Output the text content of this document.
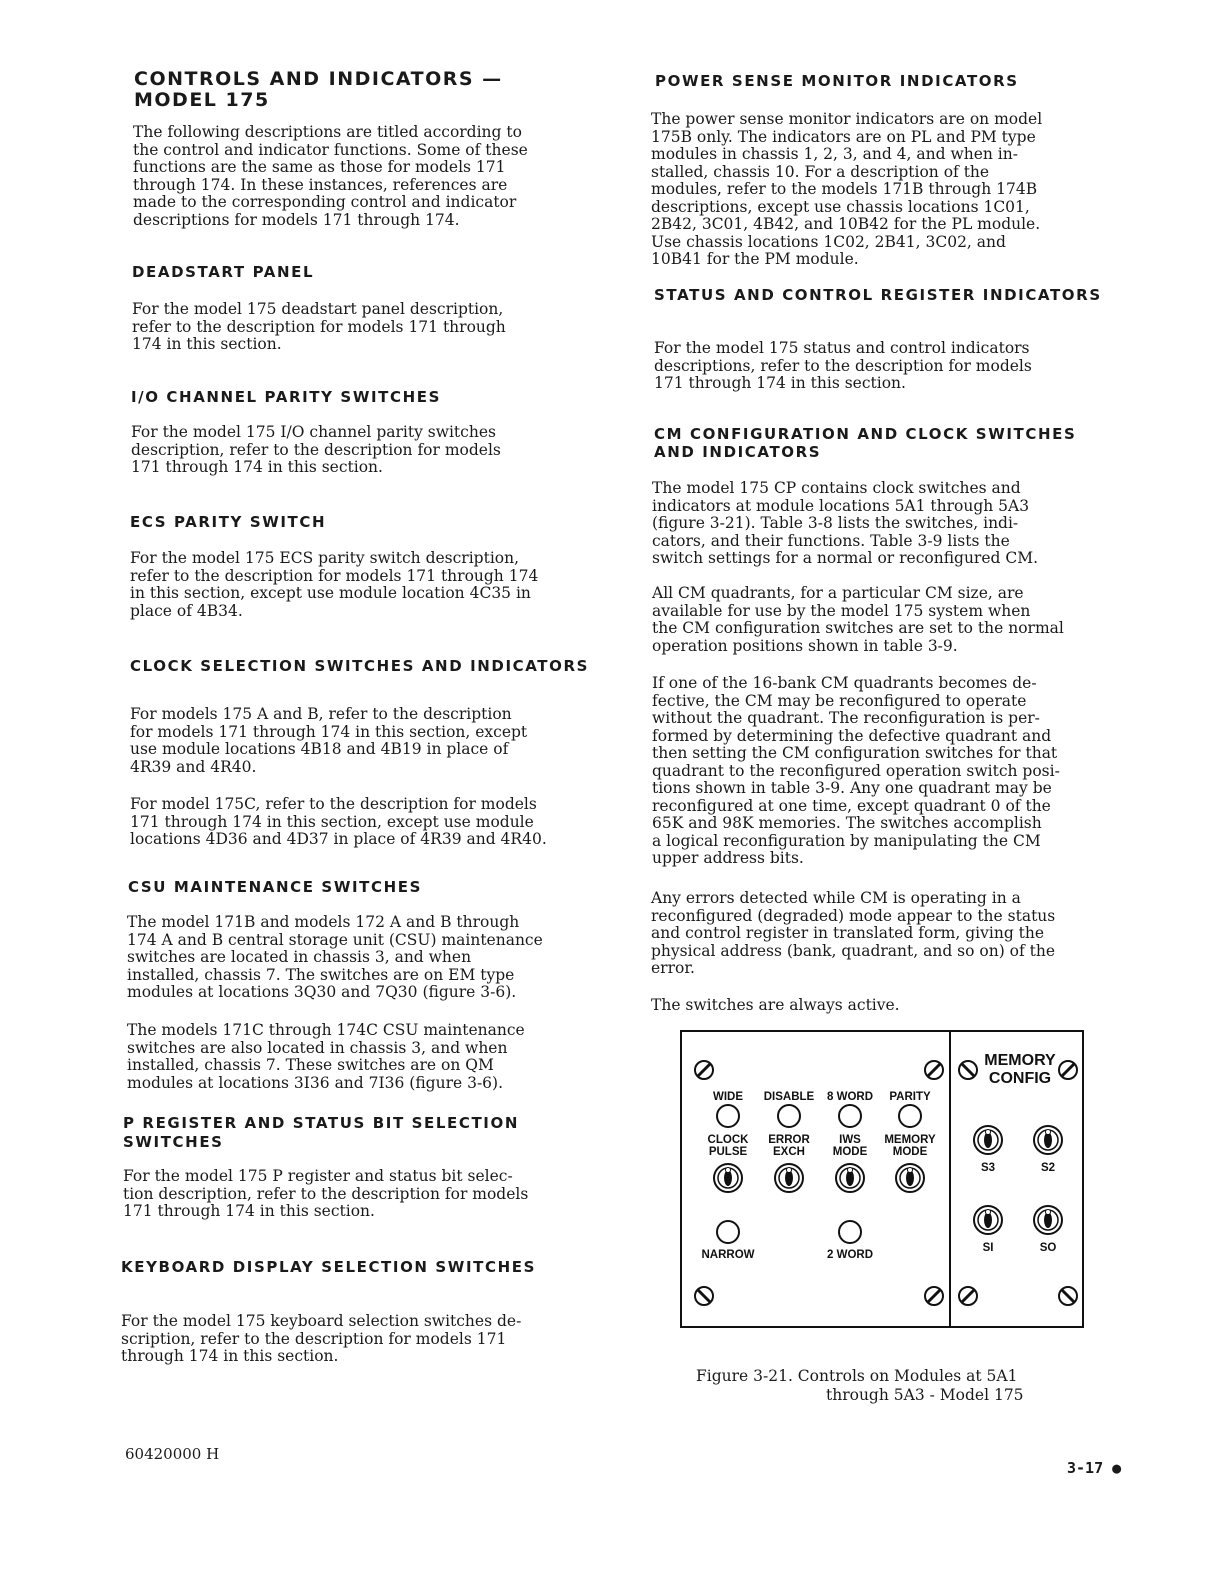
CONTROLS AND INDICATORS —
MODEL 175

The following descriptions are titled according to
the control and indicator functions. Some of these
functions are the same as those for models 171
through 174. In these instances, references are
made to the corresponding control and indicator
descriptions for models 171 through 174.

DEADSTART PANEL

For the model 175 deadstart panel description,
refer to the description for models 171 through
174 in this section.

I/O CHANNEL PARITY SWITCHES

For the model 175 I/O channel parity switches
description, refer to the description for models
171 through 174 in this section.

ECS PARITY SWITCH

For the model 175 ECS parity switch description,
refer to the description for models 171 through 174
in this section, except use module location 4C35 in
place of 4B34.

CLOCK SELECTION SWITCHES AND INDICATORS

For models 175 A and B, refer to the description
for models 171 through 174 in this section, except
use module locations 4B18 and 4B19 in place of
4R39 and 4R40.

For model 175C, refer to the description for models
171 through 174 in this section, except use module
locations 4D36 and 4D37 in place of 4R39 and 4R40.

CSU MAINTENANCE SWITCHES

The model 171B and models 172 A and B through
174 A and B central storage unit (CSU) maintenance
switches are located in chassis 3, and when
installed, chassis 7. The switches are on EM type
modules at locations 3Q30 and 7Q30 (figure 3-6).

The models 171C through 174C CSU maintenance
switches are also located in chassis 3, and when
installed, chassis 7. These switches are on QM
modules at locations 3I36 and 7I36 (figure 3-6).

P REGISTER AND STATUS BIT SELECTION
SWITCHES

For the model 175 P register and status bit selec-
tion description, refer to the description for models
171 through 174 in this section.

KEYBOARD DISPLAY SELECTION SWITCHES

For the model 175 keyboard selection switches de-
scription, refer to the description for models 171
through 174 in this section.

POWER SENSE MONITOR INDICATORS

The power sense monitor indicators are on model
175B only. The indicators are on PL and PM type
modules in chassis 1, 2, 3, and 4, and when in-
stalled, chassis 10. For a description of the
modules, refer to the models 171B through 174B
descriptions, except use chassis locations 1C01,
2B42, 3C01, 4B42, and 10B42 for the PL module.
Use chassis locations 1C02, 2B41, 3C02, and
10B41 for the PM module.

STATUS AND CONTROL REGISTER INDICATORS

For the model 175 status and control indicators
descriptions, refer to the description for models
171 through 174 in this section.

CM CONFIGURATION AND CLOCK SWITCHES
AND INDICATORS

The model 175 CP contains clock switches and
indicators at module locations 5A1 through 5A3
(figure 3-21). Table 3-8 lists the switches, indi-
cators, and their functions. Table 3-9 lists the
switch settings for a normal or reconfigured CM.

All CM quadrants, for a particular CM size, are
available for use by the model 175 system when
the CM configuration switches are set to the normal
operation positions shown in table 3-9.

If one of the 16-bank CM quadrants becomes de-
fective, the CM may be reconfigured to operate
without the quadrant. The reconfiguration is per-
formed by determining the defective quadrant and
then setting the CM configuration switches for that
quadrant to the reconfigured operation switch posi-
tions shown in table 3-9. Any one quadrant may be
reconfigured at one time, except quadrant 0 of the
65K and 98K memories. The switches accomplish
a logical reconfiguration by manipulating the CM
upper address bits.

Any errors detected while CM is operating in a
reconfigured (degraded) mode appear to the status
and control register in translated form, giving the
physical address (bank, quadrant, and so on) of the
error.

The switches are always active.

WIDE DISABLE 8 WORD PARITY
CLOCK
PULSE
ERROR
EXCH
IWS
MODE
MEMORY
MODE
NARROW	2 WORD
MEMORY
CONFIG
S3	S2
SI	SO
Figure 3-21. Controls on Modules at 5A1
through 5A3 - Model 175
60420000 H
3-17 ●
